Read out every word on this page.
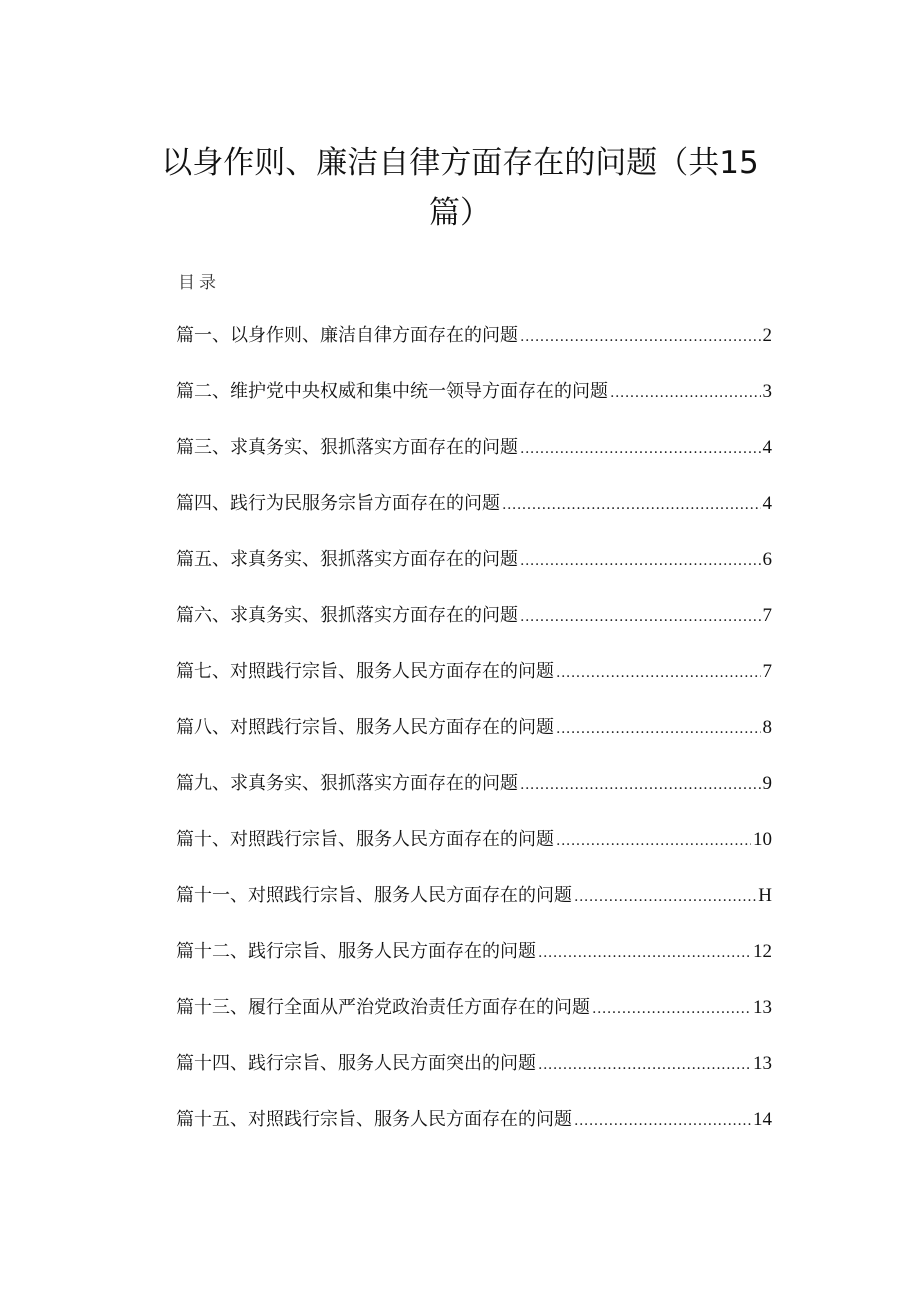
以身作则、廉洁自律方面存在的问题（共15篇）
目录
篇一、以身作则、廉洁自律方面存在的问题 .....	2
篇二、维护党中央权威和集中统一领导方面存在的问题 .....	3
篇三、求真务实、狠抓落实方面存在的问题 .....	4
篇四、践行为民服务宗旨方面存在的问题 .....	4
篇五、求真务实、狠抓落实方面存在的问题 .....	6
篇六、求真务实、狠抓落实方面存在的问题 .....	7
篇七、对照践行宗旨、服务人民方面存在的问题 .....	7
篇八、对照践行宗旨、服务人民方面存在的问题 .....	8
篇九、求真务实、狠抓落实方面存在的问题 .....	9
篇十、对照践行宗旨、服务人民方面存在的问题 .....	10
篇十一、对照践行宗旨、服务人民方面存在的问题 .....	H
篇十二、践行宗旨、服务人民方面存在的问题 .....	12
篇十三、履行全面从严治党政治责任方面存在的问题 .....	13
篇十四、践行宗旨、服务人民方面突出的问题 .....	13
篇十五、对照践行宗旨、服务人民方面存在的问题 .....	14
